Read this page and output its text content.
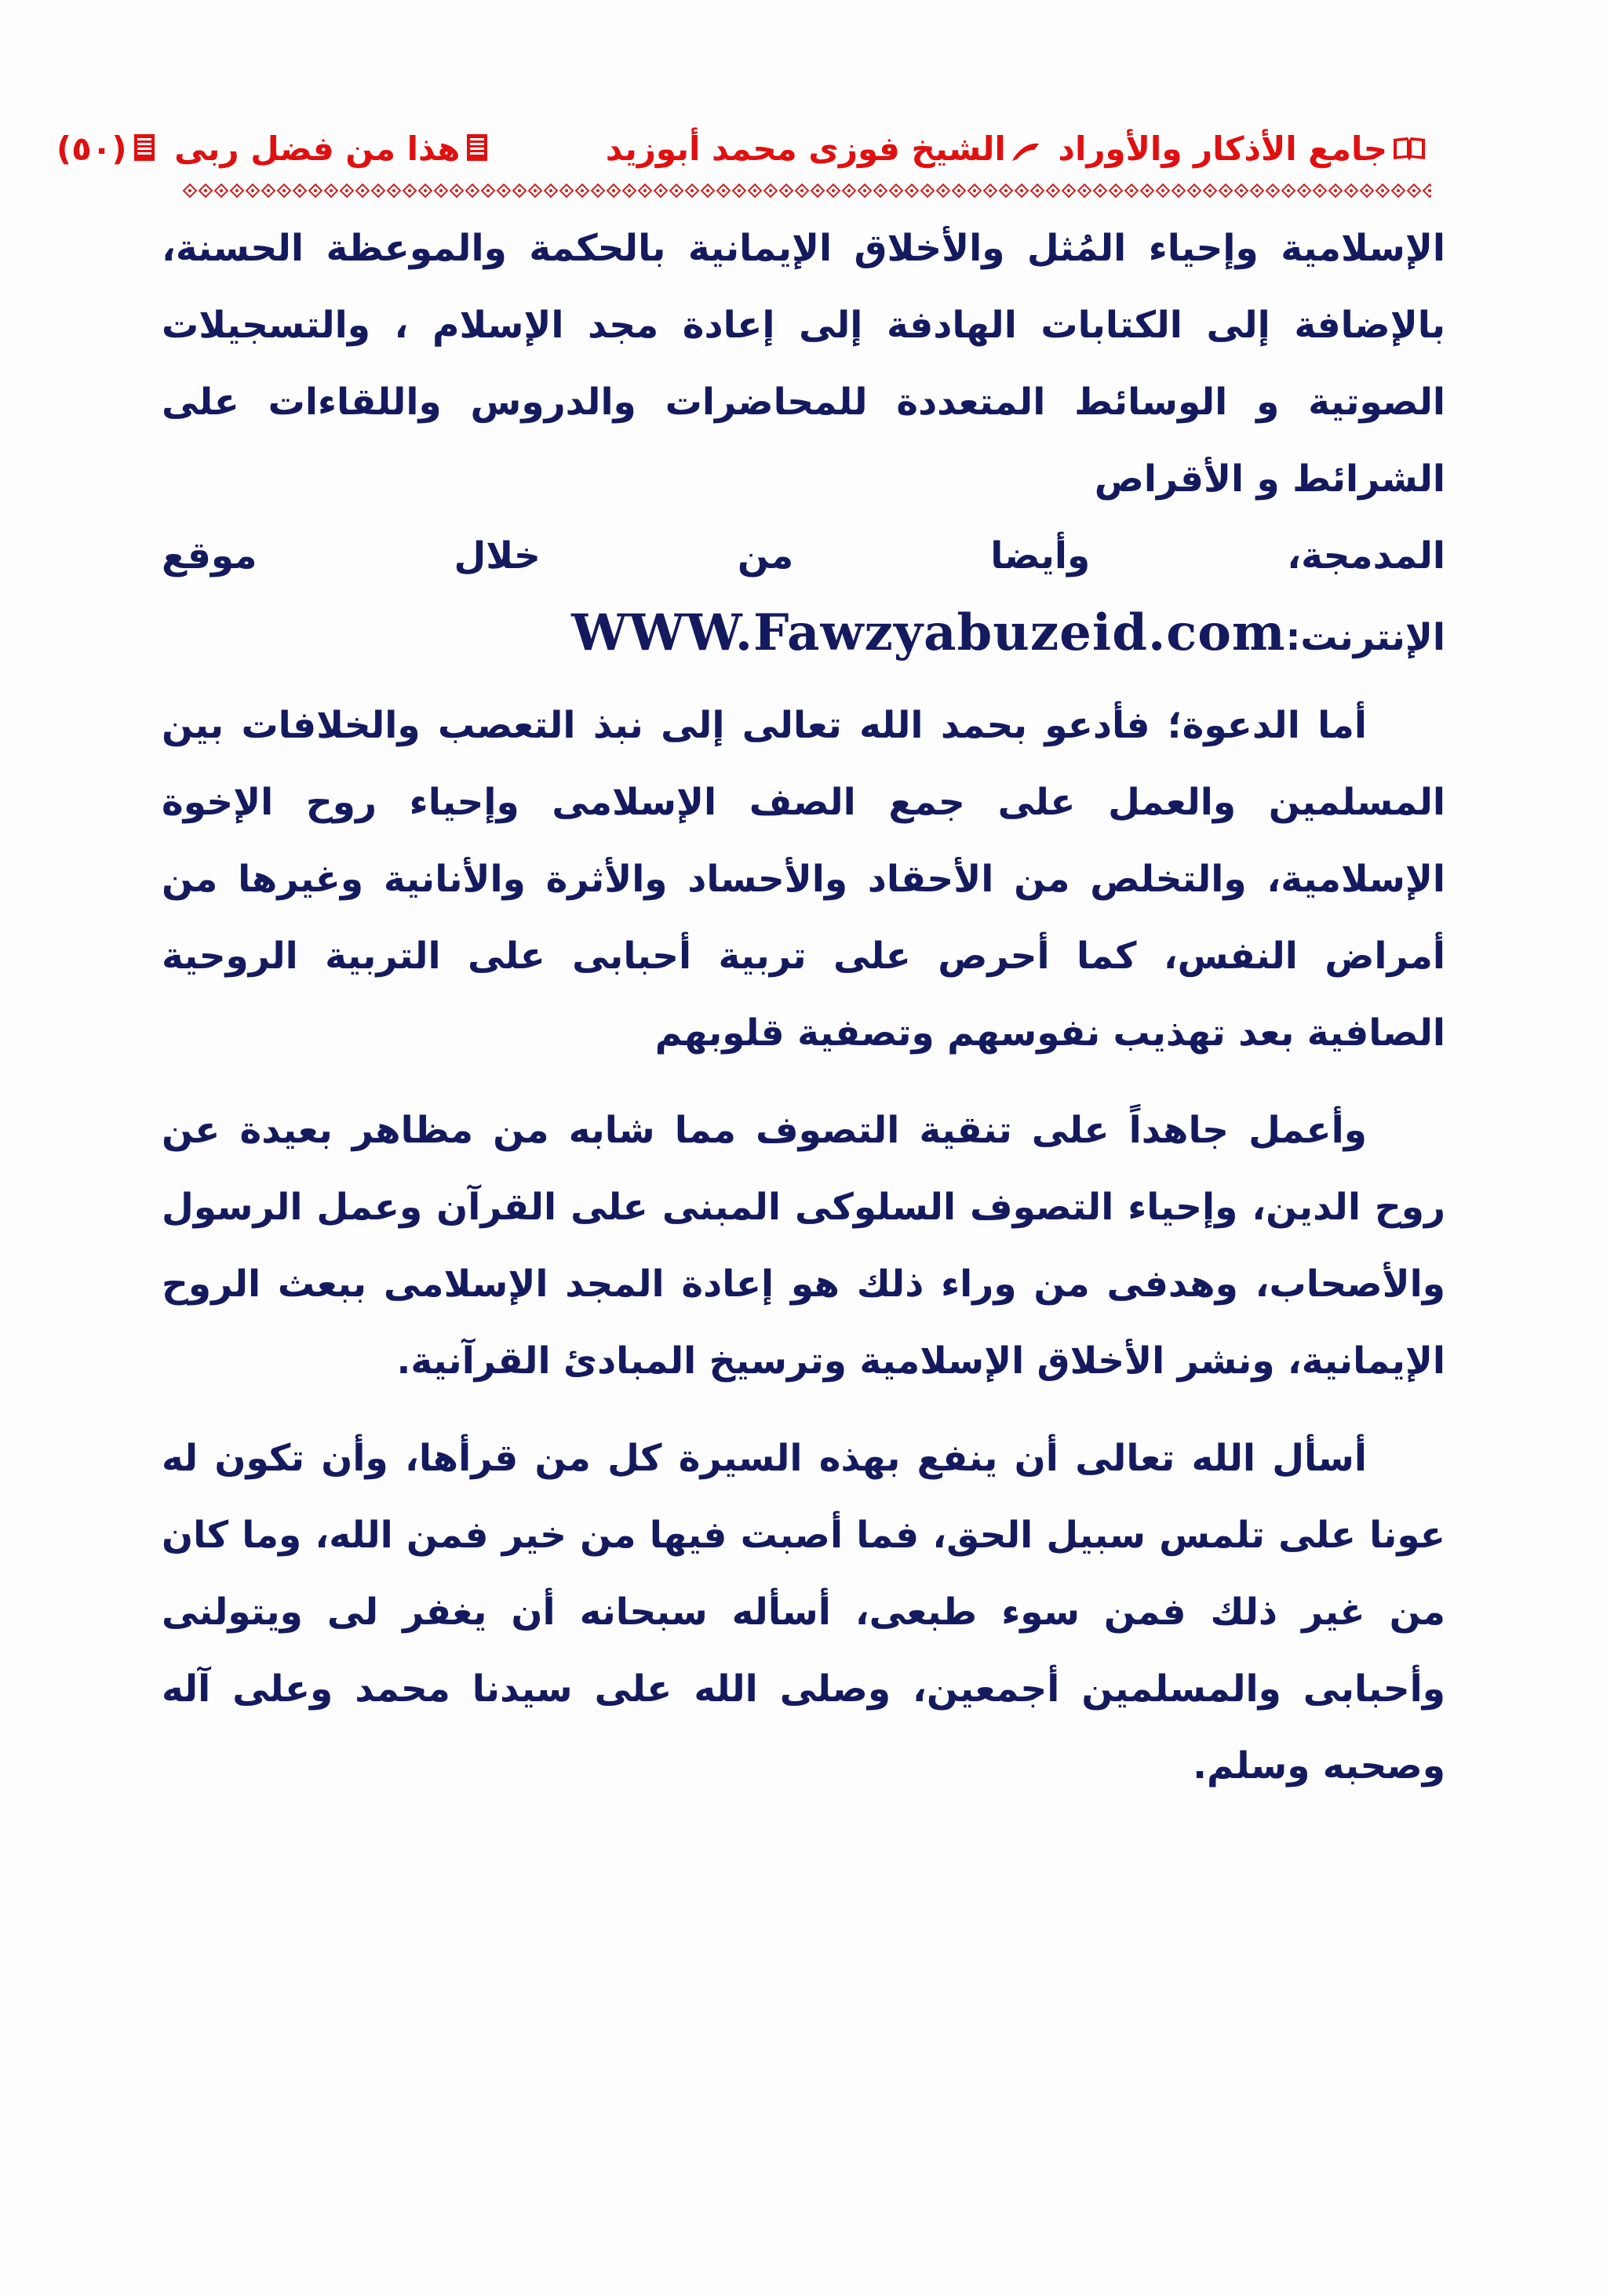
جامع الأذكار والأوراد الشيخ فوزى محمد أبوزيد  هذا من فضل ربى (٥٠)

الإسلامية وإحياء المُثل والأخلاق الإيمانية بالحكمة والموعظة الحسنة، بالإضافة إلى الكتابات الهادفة إلى إعادة مجد الإسلام ، والتسجيلات الصوتية و الوسائط المتعددة للمحاضرات والدروس واللقاءات على الشرائط و الأقراص
المدمجة،
وأيضا
من
خلال
موقع
الإنترنت:WWW.Fawzyabuzeid.com

أما الدعوة؛ فأدعو بحمد الله تعالى إلى نبذ التعصب والخلافات بين المسلمين والعمل على جمع الصف الإسلامى وإحياء روح الإخوة الإسلامية، والتخلص من الأحقاد والأحساد والأثرة والأنانية وغيرها من أمراض النفس، كما أحرص على تربية أحبابى على التربية الروحية الصافية بعد تهذيب نفوسهم وتصفية قلوبهم

وأعمل جاهداً على تنقية التصوف مما شابه من مظاهر بعيدة عن روح الدين، وإحياء التصوف السلوكى المبنى على القرآن وعمل الرسول والأصحاب، وهدفى من وراء ذلك هو إعادة المجد الإسلامى ببعث الروح الإيمانية، ونشر الأخلاق الإسلامية وترسيخ المبادئ القرآنية.

أسأل الله تعالى أن ينفع بهذه السيرة كل من قرأها، وأن تكون له عونا على تلمس سبيل الحق، فما أصبت فيها من خير فمن الله، وما كان من غير ذلك فمن سوء طبعى، أسأله سبحانه أن يغفر لى ويتولنى وأحبابى والمسلمين أجمعين، وصلى الله على سيدنا محمد وعلى آله وصحبه وسلم.
